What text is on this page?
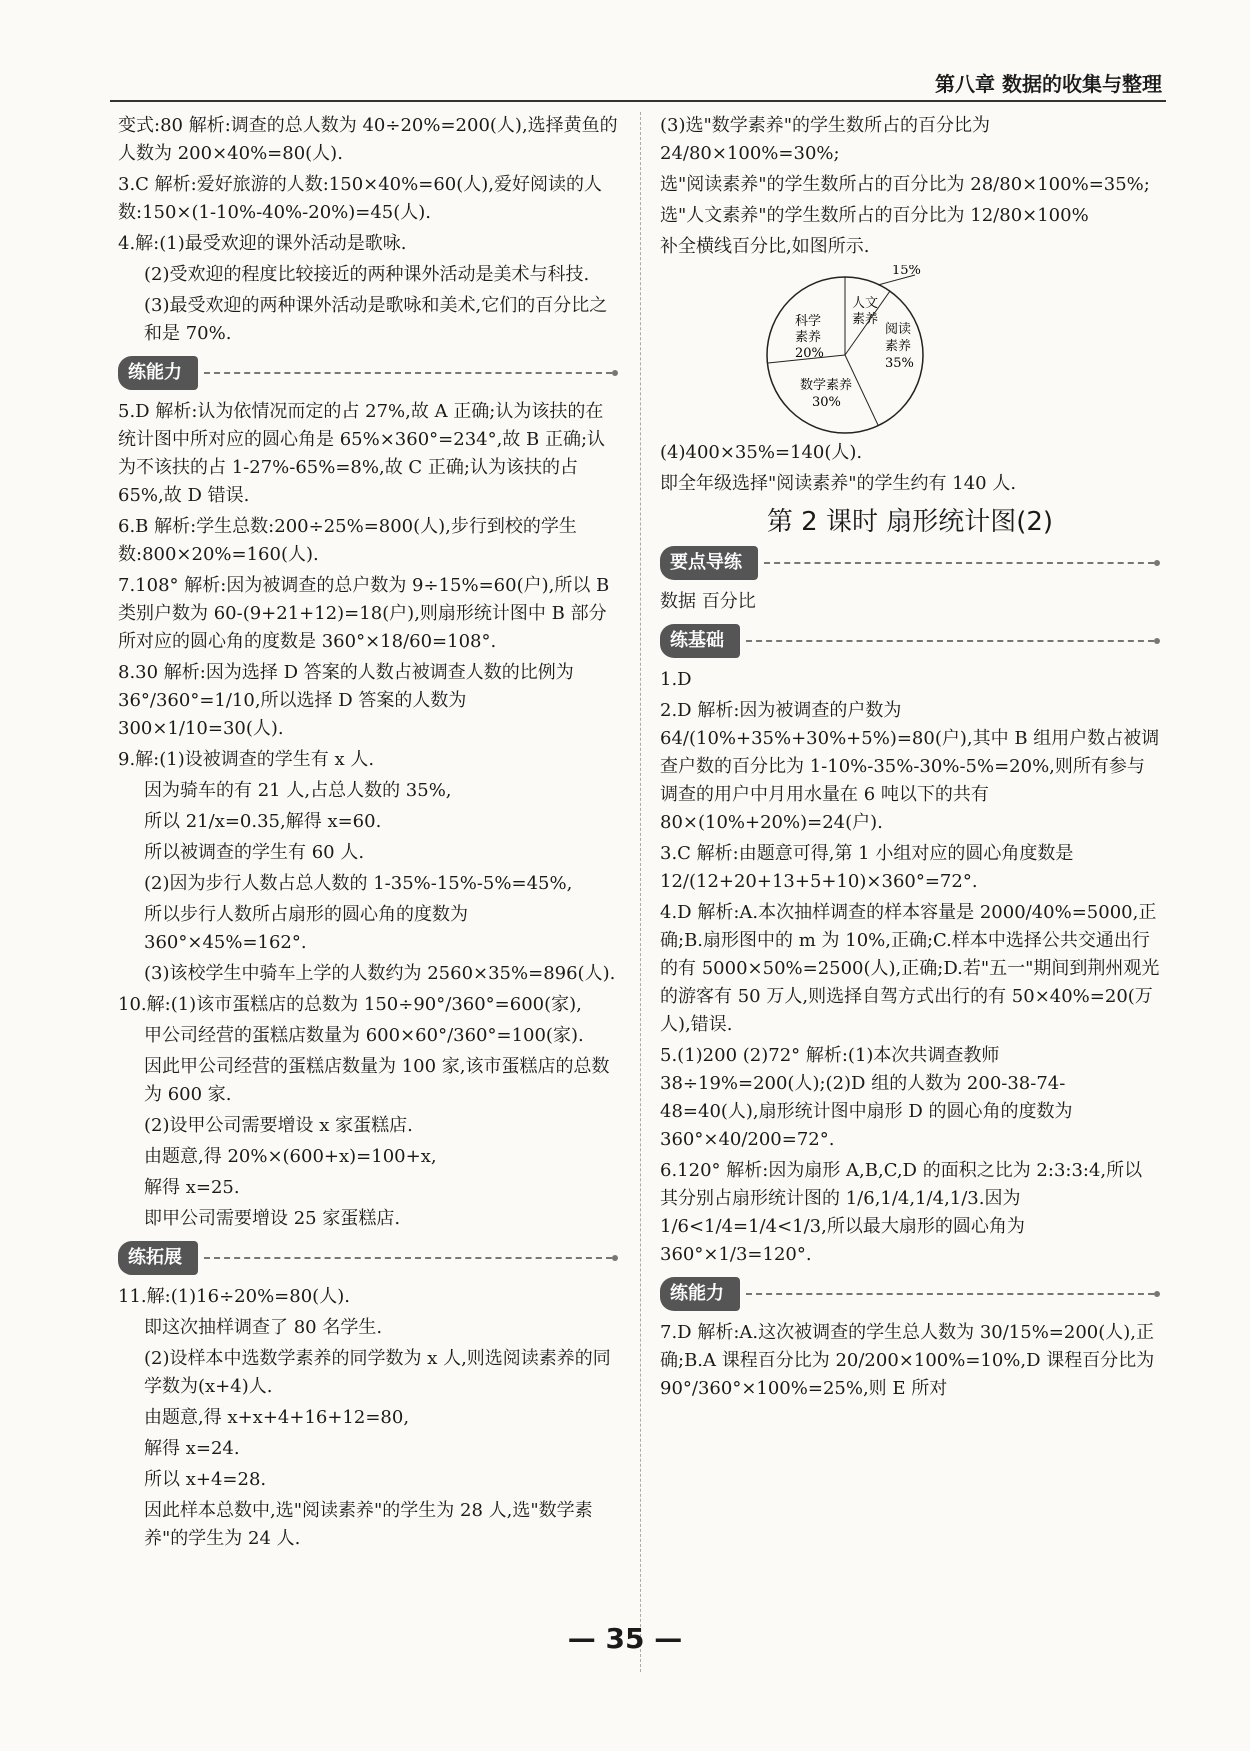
第八章 数据的收集与整理

变式:80 解析:调查的总人数为 40÷20%=200(人),选择黄鱼的人数为 200×40%=80(人).

3.C 解析:爱好旅游的人数:150×40%=60(人),爱好阅读的人数:150×(1-10%-40%-20%)=45(人).

4.解:(1)最受欢迎的课外活动是歌咏.

(2)受欢迎的程度比较接近的两种课外活动是美术与科技.

(3)最受欢迎的两种课外活动是歌咏和美术,它们的百分比之和是 70%.

练能力

5.D 解析:认为依情况而定的占 27%,故 A 正确;认为该扶的在统计图中所对应的圆心角是 65%×360°=234°,故 B 正确;认为不该扶的占 1-27%-65%=8%,故 C 正确;认为该扶的占 65%,故 D 错误.

6.B 解析:学生总数:200÷25%=800(人),步行到校的学生数:800×20%=160(人).

7.108° 解析:因为被调查的总户数为 9÷15%=60(户),所以 B 类别户数为 60-(9+21+12)=18(户),则扇形统计图中 B 部分所对应的圆心角的度数是 360°×18/60=108°.

8.30 解析:因为选择 D 答案的人数占被调查人数的比例为 36°/360°=1/10,所以选择 D 答案的人数为 300×1/10=30(人).

9.解:(1)设被调查的学生有 x 人.

因为骑车的有 21 人,占总人数的 35%,

所以 21/x=0.35,解得 x=60.

所以被调查的学生有 60 人.

(2)因为步行人数占总人数的 1-35%-15%-5%=45%,

所以步行人数所占扇形的圆心角的度数为 360°×45%=162°.

(3)该校学生中骑车上学的人数约为 2560×35%=896(人).

10.解:(1)该市蛋糕店的总数为 150÷90°/360°=600(家),

甲公司经营的蛋糕店数量为 600×60°/360°=100(家).

因此甲公司经营的蛋糕店数量为 100 家,该市蛋糕店的总数为 600 家.

(2)设甲公司需要增设 x 家蛋糕店.

由题意,得 20%×(600+x)=100+x,

解得 x=25.

即甲公司需要增设 25 家蛋糕店.

练拓展

11.解:(1)16÷20%=80(人).

即这次抽样调查了 80 名学生.

(2)设样本中选数学素养的同学数为 x 人,则选阅读素养的同学数为(x+4)人.

由题意,得 x+x+4+16+12=80,

解得 x=24.

所以 x+4=28.

因此样本总数中,选"阅读素养"的学生为 28 人,选"数学素养"的学生为 24 人.

(3)选"数学素养"的学生数所占的百分比为 24/80×100%=30%;

选"阅读素养"的学生数所占的百分比为 28/80×100%=35%;

选"人文素养"的学生数所占的百分比为 12/80×100%

补全横线百分比,如图所示.

15%
人文
素养
阅读
素养
35%
数学素养
30%
科学
素养
20%

(4)400×35%=140(人).

即全年级选择"阅读素养"的学生约有 140 人.

第 2 课时 扇形统计图(2)
要点导练

数据 百分比

练基础

1.D

2.D 解析:因为被调查的户数为 64/(10%+35%+30%+5%)=80(户),其中 B 组用户数占被调查户数的百分比为 1-10%-35%-30%-5%=20%,则所有参与调查的用户中月用水量在 6 吨以下的共有 80×(10%+20%)=24(户).

3.C 解析:由题意可得,第 1 小组对应的圆心角度数是 12/(12+20+13+5+10)×360°=72°.

4.D 解析:A.本次抽样调查的样本容量是 2000/40%=5000,正确;B.扇形图中的 m 为 10%,正确;C.样本中选择公共交通出行的有 5000×50%=2500(人),正确;D.若"五一"期间到荆州观光的游客有 50 万人,则选择自驾方式出行的有 50×40%=20(万人),错误.

5.(1)200 (2)72° 解析:(1)本次共调查教师 38÷19%=200(人);(2)D 组的人数为 200-38-74-48=40(人),扇形统计图中扇形 D 的圆心角的度数为 360°×40/200=72°.

6.120° 解析:因为扇形 A,B,C,D 的面积之比为 2:3:3:4,所以其分别占扇形统计图的 1/6,1/4,1/4,1/3.因为 1/6<1/4=1/4<1/3,所以最大扇形的圆心角为 360°×1/3=120°.

练能力

7.D 解析:A.这次被调查的学生总人数为 30/15%=200(人),正确;B.A 课程百分比为 20/200×100%=10%,D 课程百分比为 90°/360°×100%=25%,则 E 所对

— 35 —
